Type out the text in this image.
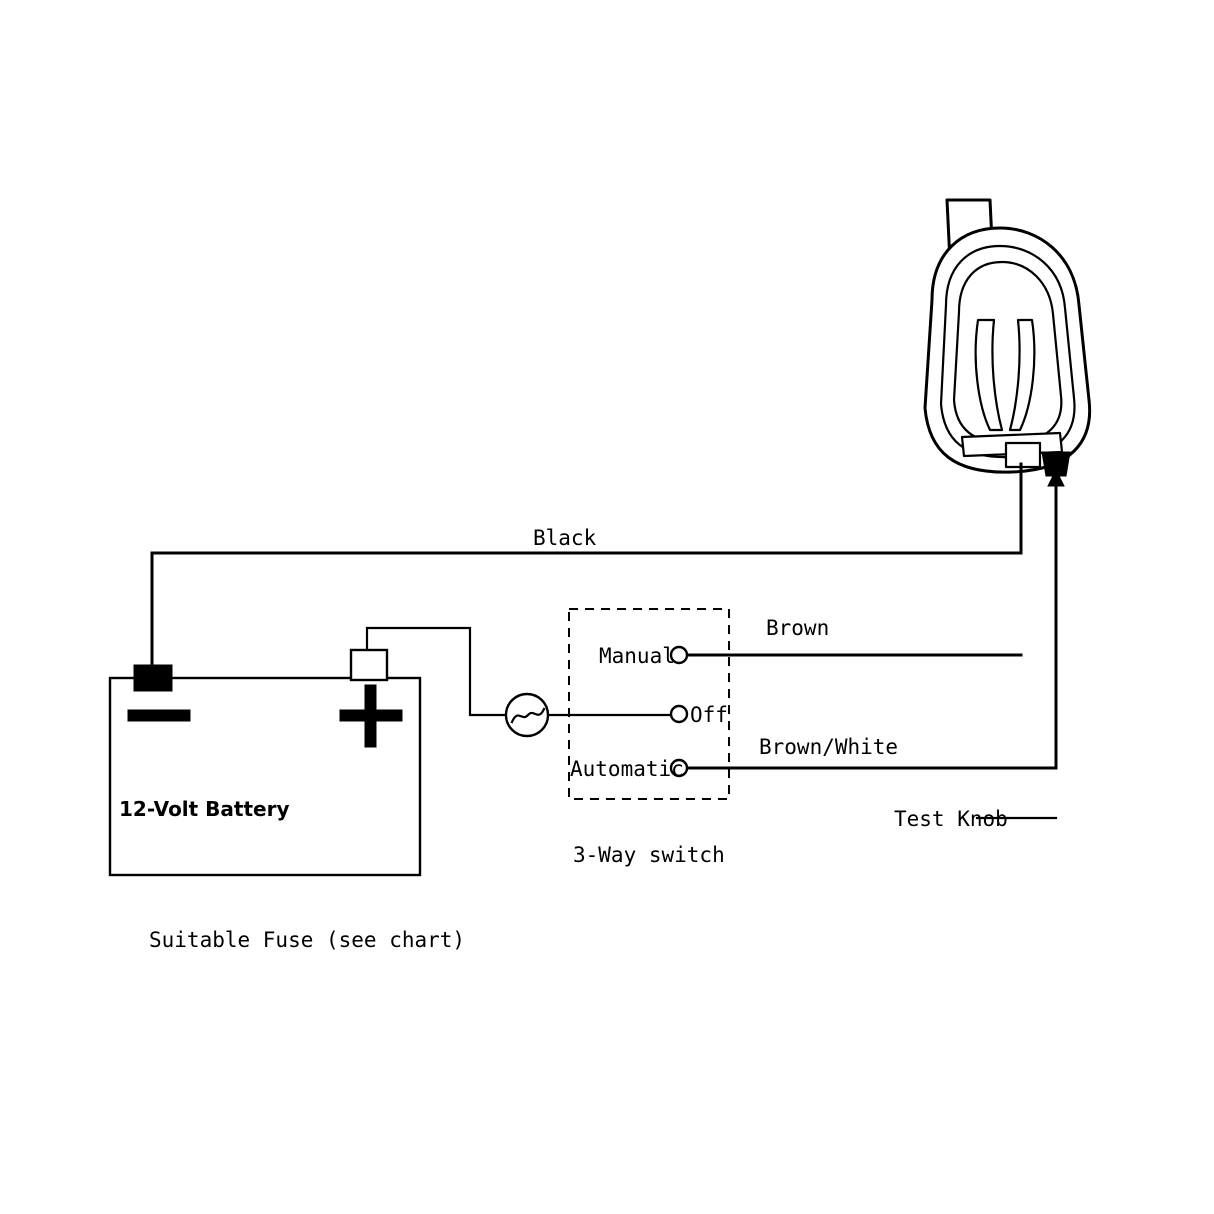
12-Volt Battery
Black
Brown
Brown/White
Manual
Off
Automatic
3-Way switch
Test Knob
Suitable Fuse (see chart)
